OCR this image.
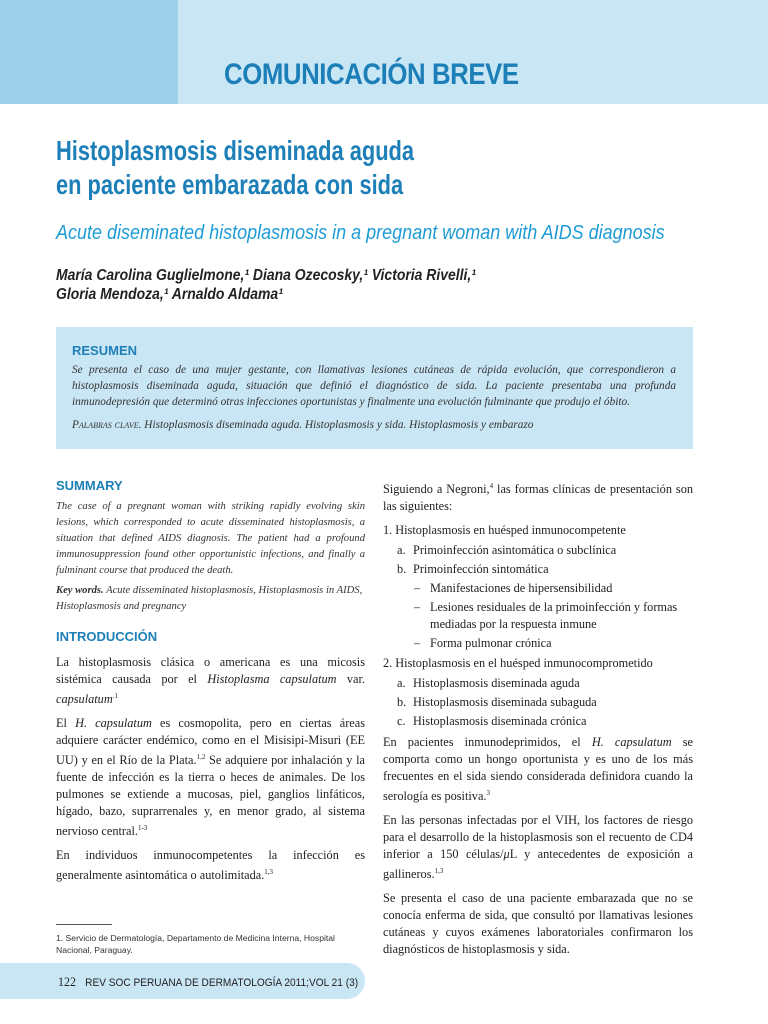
COMUNICACIÓN BREVE
Histoplasmosis diseminada aguda
en paciente embarazada con sida
Acute diseminated histoplasmosis in a pregnant woman with AIDS diagnosis
María Carolina Guglielmone,¹ Diana Ozecosky,¹ Victoria Rivelli,¹
Gloria Mendoza,¹ Arnaldo Aldama¹
RESUMEN
Se presenta el caso de una mujer gestante, con llamativas lesiones cutáneas de rápida evolución, que correspondieron a histoplasmosis diseminada aguda, situación que definió el diagnóstico de sida. La paciente presentaba una profunda inmunodepresión que determinó otras infecciones oportunistas y finalmente una evolución fulminante que produjo el óbito.
Palabras clave. Histoplasmosis diseminada aguda. Histoplasmosis y sida. Histoplasmosis y embarazo
SUMMARY

The case of a pregnant woman with striking rapidly evolving skin lesions, which corresponded to acute disseminated histoplasmosis, a situation that defined AIDS diagnosis. The patient had a profound immunosuppression found other opportunistic infections, and finally a fulminant course that produced the death.

Key words. Acute disseminated histoplasmosis, Histoplasmosis in AIDS, Histoplasmosis and pregnancy

INTRODUCCIÓN

La histoplasmosis clásica o americana es una micosis sistémica causada por el Histoplasma capsulatum var. capsulatum$^{.1}$

El H. capsulatum es cosmopolita, pero en ciertas áreas adquiere carácter endémico, como en el Misisipi-Misuri (EE UU) y en el Río de la Plata.$^{1,2}$ Se adquiere por inhalación y la fuente de infección es la tierra o heces de animales. De los pulmones se extiende a mucosas, piel, ganglios linfáticos, hígado, bazo, suprarrenales y, en menor grado, al sistema nervioso central.$^{1-3}$

En individuos inmunocompetentes la infección es generalmente asintomática o autolimitada.$^{1,3}$

Siguiendo a Negroni,$^4$ las formas clínicas de presentación son las siguientes:

1. Histoplasmosis en huésped inmunocompetente
a. Primoinfección asintomática o subclínica
b. Primoinfección sintomática
– Manifestaciones de hipersensibilidad
– Lesiones residuales de la primoinfección y formas mediadas por la respuesta inmune
– Forma pulmonar crónica
2. Histoplasmosis en el huésped inmunocomprometido
a. Histoplasmosis diseminada aguda
b. Histoplasmosis diseminada subaguda
c. Histoplasmosis diseminada crónica

En pacientes inmunodeprimidos, el H. capsulatum se comporta como un hongo oportunista y es uno de los más frecuentes en el sida siendo considerada definidora cuando la serología es positiva.$^3$

En las personas infectadas por el VIH, los factores de riesgo para el desarrollo de la histoplasmosis son el recuento de CD4 inferior a 150 células/μL y antecedentes de exposición a gallineros.$^{1,3}$

Se presenta el caso de una paciente embarazada que no se conocía enferma de sida, que consultó por llamativas lesiones cutáneas y cuyos exámenes laboratoriales confirmaron los diagnósticos de histoplasmosis y sida.

1. Servicio de Dermatología, Departamento de Medicina Interna, Hospital Nacional, Paraguay.
122 REV SOC PERUANA DE DERMATOLOGÍA 2011;VOL 21 (3)
